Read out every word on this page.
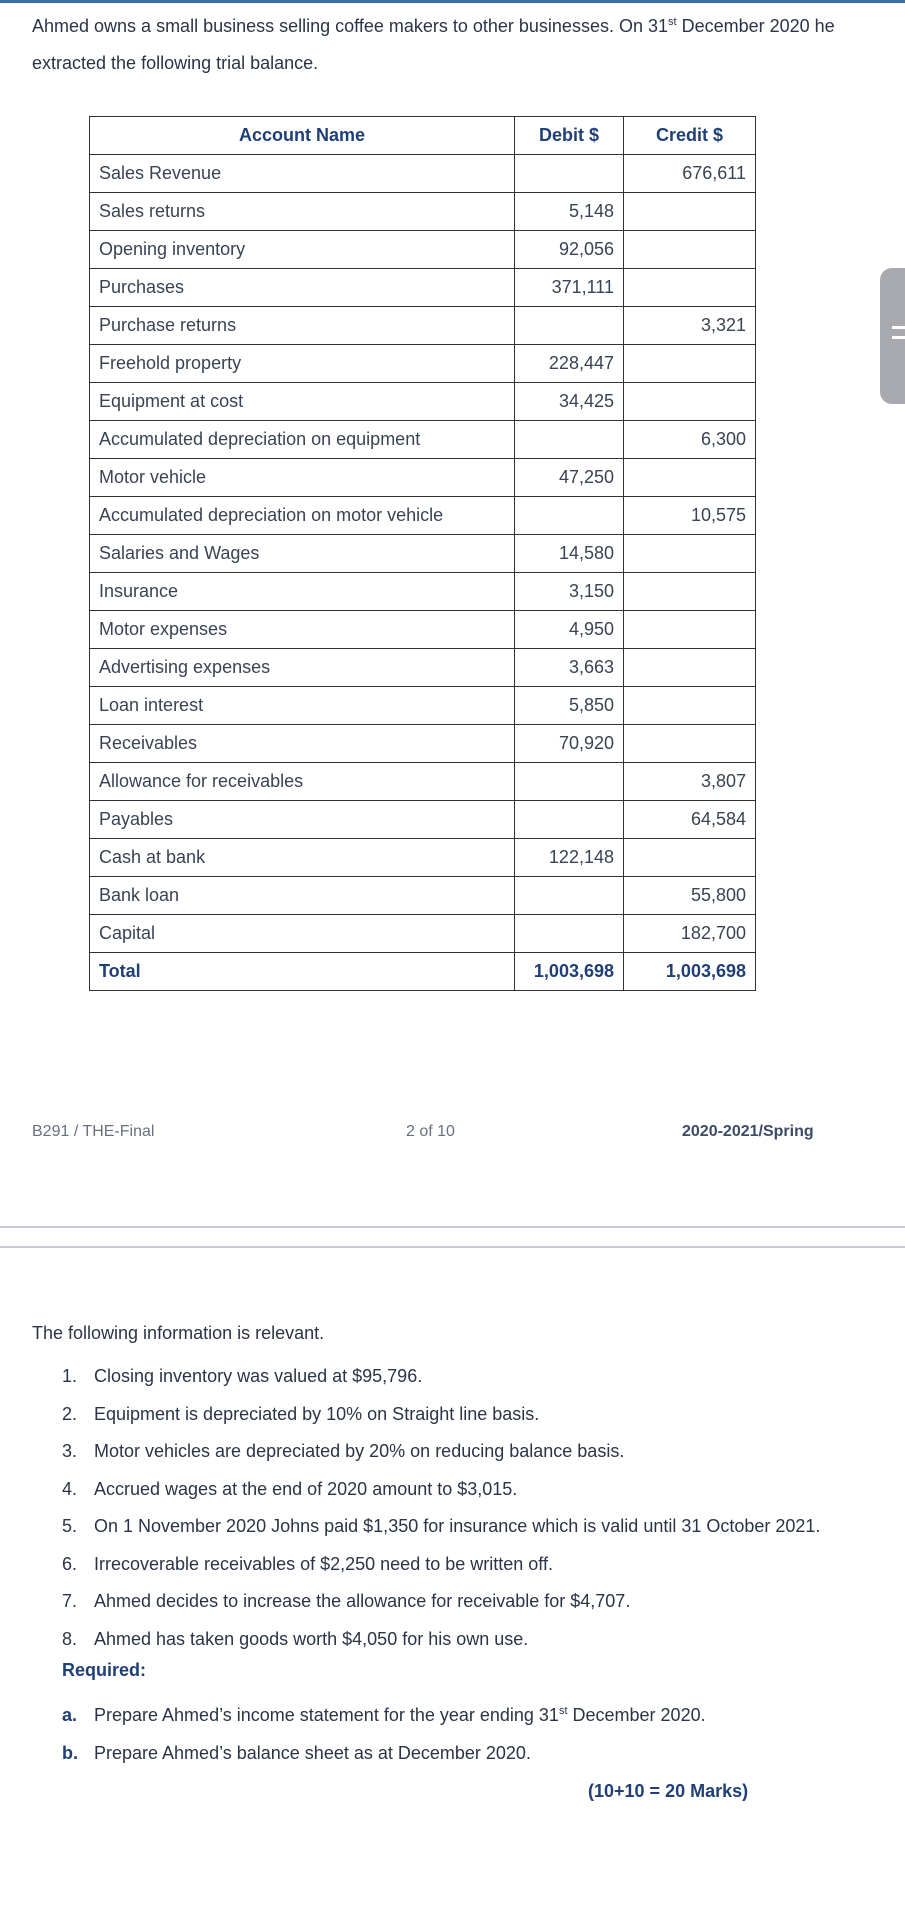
Ahmed owns a small business selling coffee makers to other businesses. On 31st December 2020 he extracted the following trial balance.
Account Name	Debit $	Credit $
Sales Revenue		676,611
Sales returns	5,148	
Opening inventory	92,056	
Purchases	371,111	
Purchase returns		3,321
Freehold property	228,447	
Equipment at cost	34,425	
Accumulated depreciation on equipment		6,300
Motor vehicle	47,250	
Accumulated depreciation on motor vehicle		10,575
Salaries and Wages	14,580	
Insurance	3,150	
Motor expenses	4,950	
Advertising expenses	3,663	
Loan interest	5,850	
Receivables	70,920	
Allowance for receivables		3,807
Payables		64,584
Cash at bank	122,148	
Bank loan		55,800
Capital		182,700
Total	1,003,698	1,003,698
B291 / THE-Final	2 of 10	2020-2021/Spring
The following information is relevant.
1. Closing inventory was valued at $95,796.
2. Equipment is depreciated by 10% on Straight line basis.
3. Motor vehicles are depreciated by 20% on reducing balance basis.
4. Accrued wages at the end of 2020 amount to $3,015.
5. On 1 November 2020 Johns paid $1,350 for insurance which is valid until 31 October 2021.
6. Irrecoverable receivables of $2,250 need to be written off.
7. Ahmed decides to increase the allowance for receivable for $4,707.
8. Ahmed has taken goods worth $4,050 for his own use.
Required:
a. Prepare Ahmed’s income statement for the year ending 31st December 2020.
b. Prepare Ahmed’s balance sheet as at December 2020.
(10+10 = 20 Marks)
